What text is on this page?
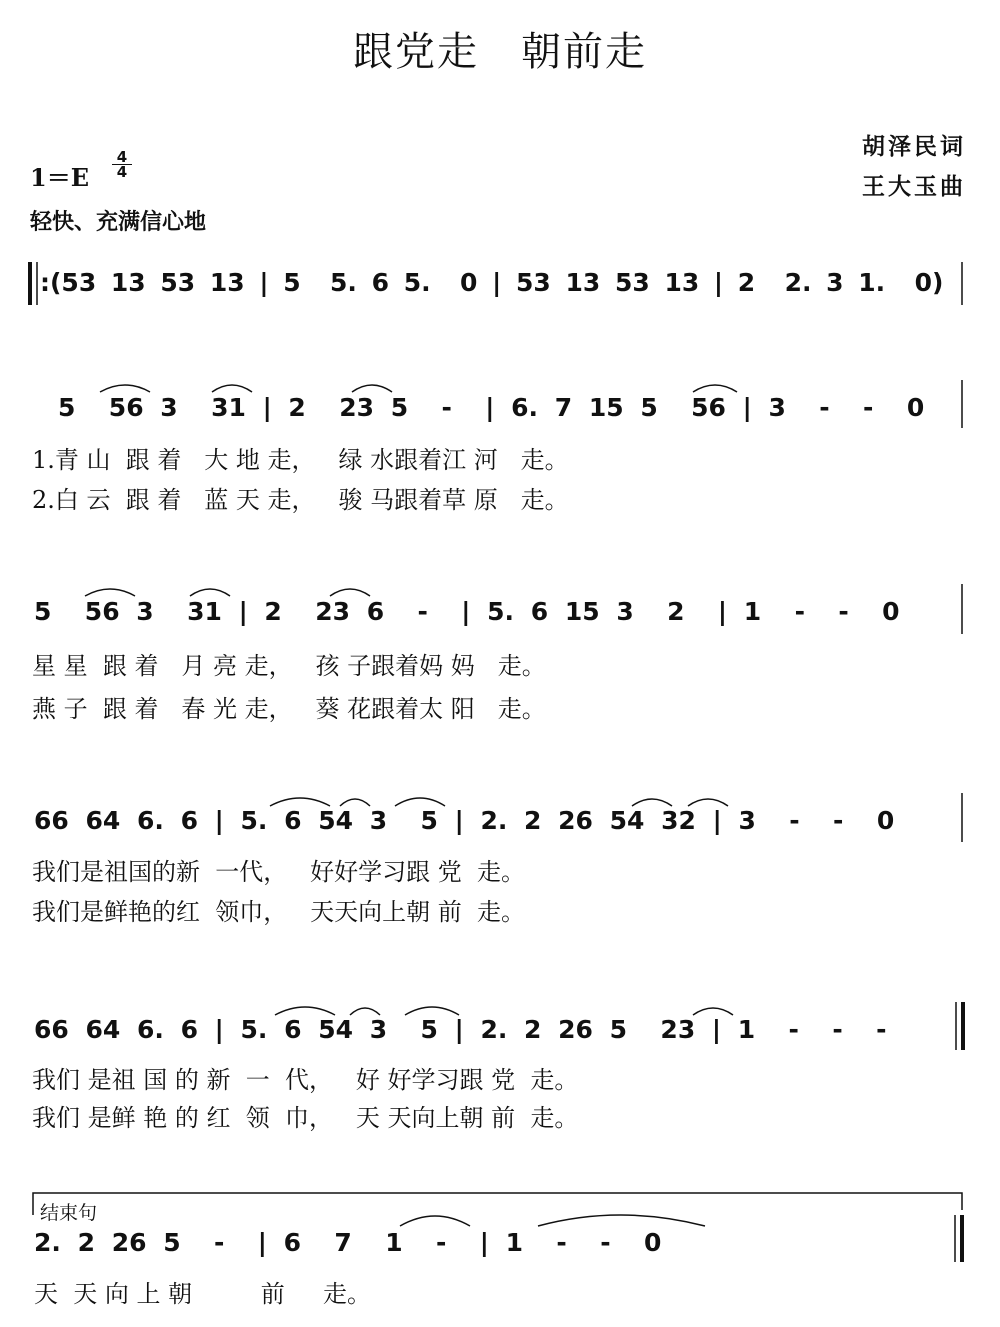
跟党走　朝前走
胡泽民词
王大玉曲
1＝E
4
4
轻快、充满信心地
:(53 13 53 13 | 5  5. 6 5.  0 | 53 13 53 13 | 2  2. 3 1.  0)
5  56 3  31 | 2  23 5  -  | 6. 7 15 5  56 | 3  -  -  0
1.青 山  跟 着   大 地 走，   绿 水跟着江 河   走。
2.白 云  跟 着   蓝 天 走，   骏 马跟着草 原   走。
5  56 3  31 | 2  23 6  -  | 5. 6 15 3  2  | 1  -  -  0
星 星  跟 着   月 亮 走，   孩 子跟着妈 妈   走。
燕 子  跟 着   春 光 走，   葵 花跟着太 阳   走。
66 64 6. 6 | 5. 6 54 3  5 | 2. 2 26 54 32 | 3  -  -  0
我们是祖国的新  一代，   好好学习跟 党  走。
我们是鲜艳的红  领巾，   天天向上朝 前  走。
66 64 6. 6 | 5. 6 54 3  5 | 2. 2 26 5  23 | 1  -  -  -
我们 是祖 国 的 新  一  代，   好 好学习跟 党  走。
我们 是鲜 艳 的 红  领  巾，   天 天向上朝 前  走。
结束句
2. 2 26 5  -  | 6  7  1  -  | 1  -  -  0
天  天 向 上 朝         前     走。
